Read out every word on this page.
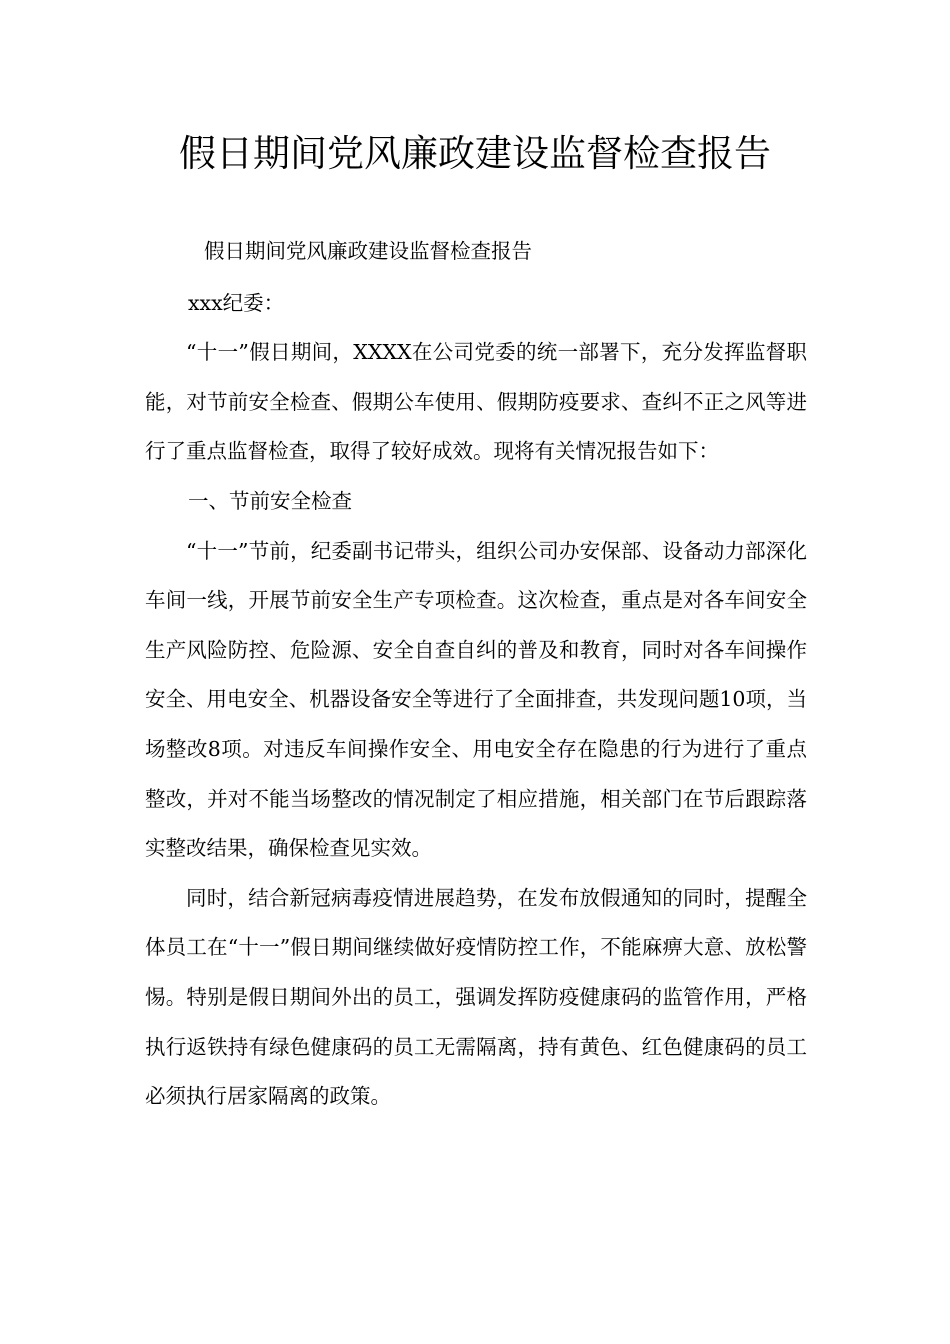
假日期间党风廉政建设监督检查报告

假日期间党风廉政建设监督检查报告

xxx纪委：

“十一”假日期间，XXXX在公司党委的统一部署下，充分发挥监督职能，对节前安全检查、假期公车使用、假期防疫要求、查纠不正之风等进行了重点监督检查，取得了较好成效。现将有关情况报告如下：

一、节前安全检查

“十一”节前，纪委副书记带头，组织公司办安保部、设备动力部深化车间一线，开展节前安全生产专项检查。这次检查，重点是对各车间安全生产风险防控、危险源、安全自查自纠的普及和教育，同时对各车间操作安全、用电安全、机器设备安全等进行了全面排查，共发现问题10项，当场整改8项。对违反车间操作安全、用电安全存在隐患的行为进行了重点整改，并对不能当场整改的情况制定了相应措施，相关部门在节后跟踪落实整改结果，确保检查见实效。

同时，结合新冠病毒疫情进展趋势，在发布放假通知的同时，提醒全体员工在“十一”假日期间继续做好疫情防控工作，不能麻痹大意、放松警惕。特别是假日期间外出的员工，强调发挥防疫健康码的监管作用，严格执行返铁持有绿色健康码的员工无需隔离，持有黄色、红色健康码的员工必须执行居家隔离的政策。
